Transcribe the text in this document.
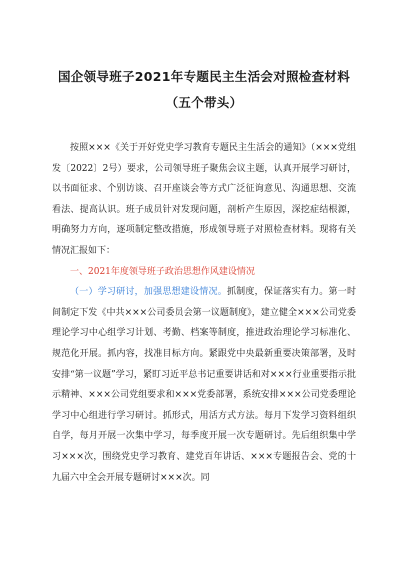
国企领导班子2021年专题民主生活会对照检查材料（五个带头）

按照×××《关于开好党史学习教育专题民主生活会的通知》（×××党组发〔2022〕2号）要求，公司领导班子聚焦会议主题，认真开展学习研讨，以书面征求、个别访谈、召开座谈会等方式广泛征询意见、沟通思想、交流看法、提高认识。班子成员针对发现问题，剖析产生原因，深挖症结根源，明确努力方向，逐项制定整改措施，形成领导班子对照检查材料。现将有关情况汇报如下：

一、2021年度领导班子政治思想作风建设情况

（一）学习研讨，加强思想建设情况。抓制度，保证落实有力。第一时间制定下发《中共×××公司委员会第一议题制度》，建立健全×××公司党委理论学习中心组学习计划、考勤、档案等制度，推进政治理论学习标准化、规范化开展。抓内容，找准目标方向。紧跟党中央最新重要决策部署，及时安排“第一议题”学习，紧盯习近平总书记重要讲话和对×××行业重要指示批示精神、×××公司党组要求和×××党委部署，系统安排×××公司党委理论学习中心组进行学习研讨。抓形式，用活方式方法。每月下发学习资料组织自学，每月开展一次集中学习，每季度开展一次专题研讨。先后组织集中学习×××次，围绕党史学习教育、建党百年讲话、×××专题报告会、党的十九届六中全会开展专题研讨×××次。同
